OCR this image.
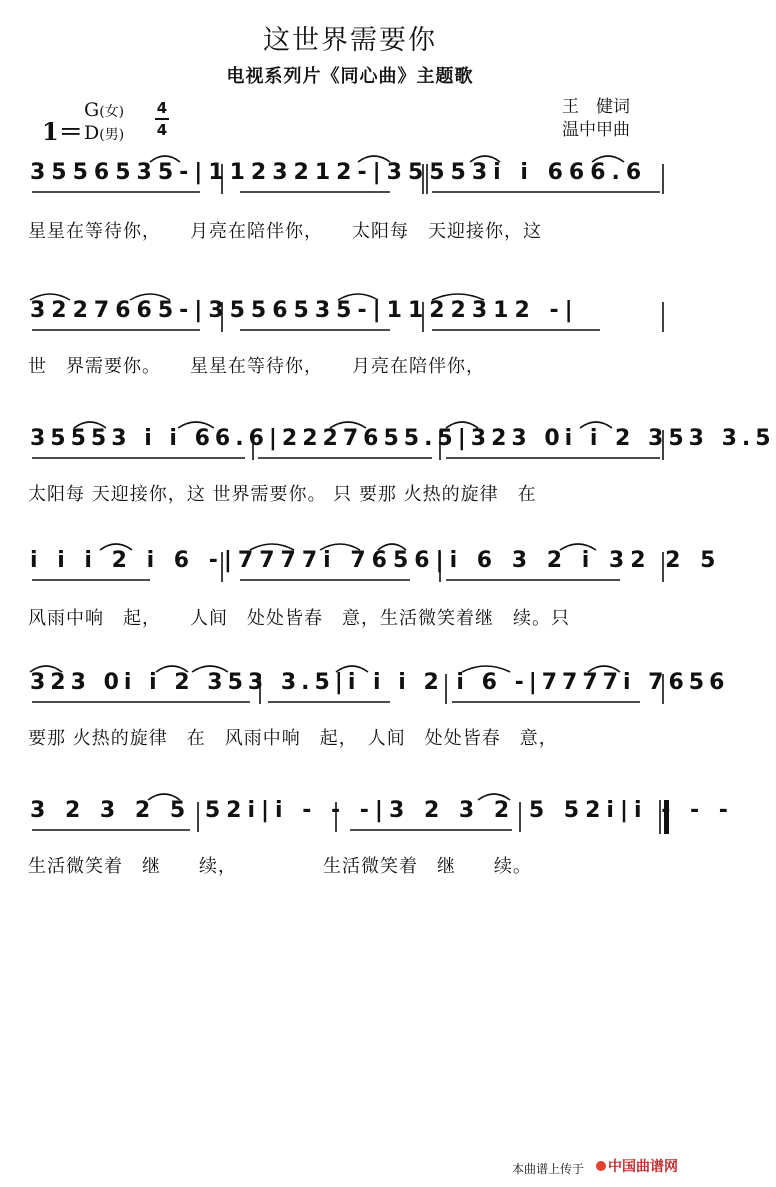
这世界需要你
电视系列片《同心曲》主题歌
1＝
G(女)
D(男)
4
4
王　健词
温中甲曲
3556535-|1123212-|35553i i 666.6
星星在等待你，　　月亮在陪伴你，　　太阳每　天迎接你，这
3227665-|3556535-|1122312 -|
世　界需要你。　　星星在等待你，　　月亮在陪伴你，
35553 i i 66.6|2227655.5|323 0i i 2 353 3.5
太阳每 天迎接你，这 世界需要你。 只 要那 火热的旋律　在
i i i 2 i 6 -|7777i 7656|i 6 3 2 i 32 2 5
风雨中响　起，　　人间　处处皆春　意，生活微笑着继　续。只
323 0i i 2 353 3.5|i i i 2 i 6 -|7777i 7656
要那 火热的旋律　在　风雨中响　起，　人间　处处皆春　意，
3 2 3 2 5 52i|i - - -|3 2 3 2 5 52i|i - - -
生活微笑着　继　　续，　　　　　生活微笑着　继　　续。
本曲谱上传于	中国曲谱网
